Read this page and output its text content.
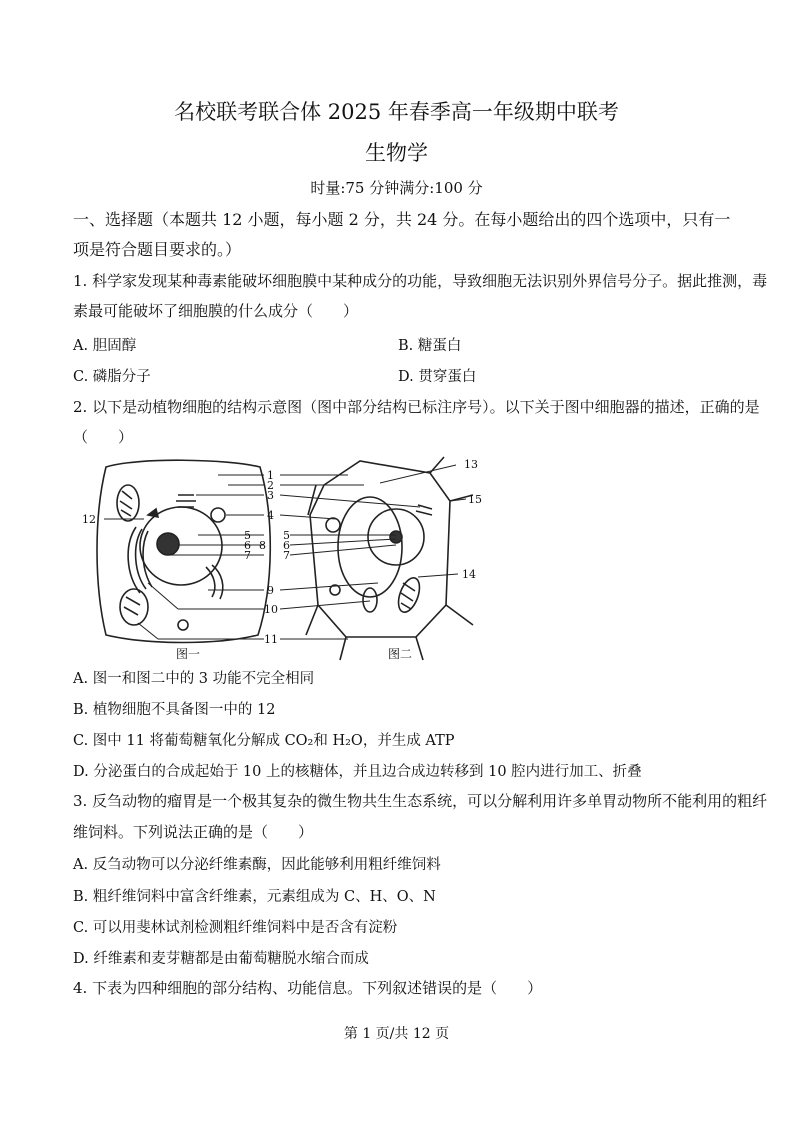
名校联考联合体 2025 年春季高一年级期中联考
生物学
时量:75 分钟满分:100 分
一、选择题（本题共 12 小题，每小题 2 分，共 24 分。在每小题给出的四个选项中，只有一
项是符合题目要求的。）
1. 科学家发现某种毒素能破坏细胞膜中某种成分的功能，导致细胞无法识别外界信号分子。据此推测，毒
素最可能破坏了细胞膜的什么成分（　　）
A. 胆固醇	B. 糖蛋白
C. 磷脂分子	D. 贯穿蛋白
2. 以下是动植物细胞的结构示意图（图中部分结构已标注序号）。以下关于图中细胞器的描述，正确的是
（　　）
1
2
3
4
5
6
7
8
5
6
7
9
10
11
12
13
14
15
图一	图二
A. 图一和图二中的 3 功能不完全相同
B. 植物细胞不具备图一中的 12
C. 图中 11 将葡萄糖氧化分解成 CO₂和 H₂O，并生成 ATP
D. 分泌蛋白的合成起始于 10 上的核糖体，并且边合成边转移到 10 腔内进行加工、折叠
3. 反刍动物的瘤胃是一个极其复杂的微生物共生生态系统，可以分解利用许多单胃动物所不能利用的粗纤
维饲料。下列说法正确的是（　　）
A. 反刍动物可以分泌纤维素酶，因此能够利用粗纤维饲料
B. 粗纤维饲料中富含纤维素，元素组成为 C、H、O、N
C. 可以用斐林试剂检测粗纤维饲料中是否含有淀粉
D. 纤维素和麦芽糖都是由葡萄糖脱水缩合而成
4. 下表为四种细胞的部分结构、功能信息。下列叙述错误的是（　　）
第 1 页/共 12 页
